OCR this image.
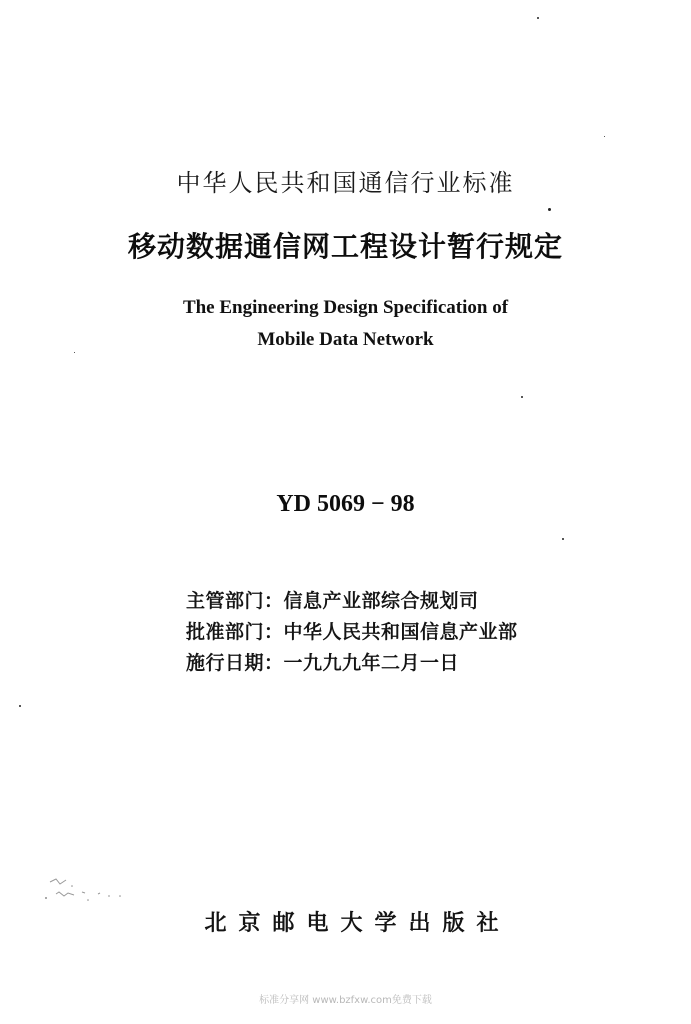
中华人民共和国通信行业标准
移动数据通信网工程设计暂行规定
The Engineering Design Specification of
Mobile Data Network
YD 5069 − 98
主管部门：信息产业部综合规划司
批准部门：中华人民共和国信息产业部
施行日期：一九九九年二月一日
北京邮电大学出版社
标准分享网 www.bzfxw.com免费下载
